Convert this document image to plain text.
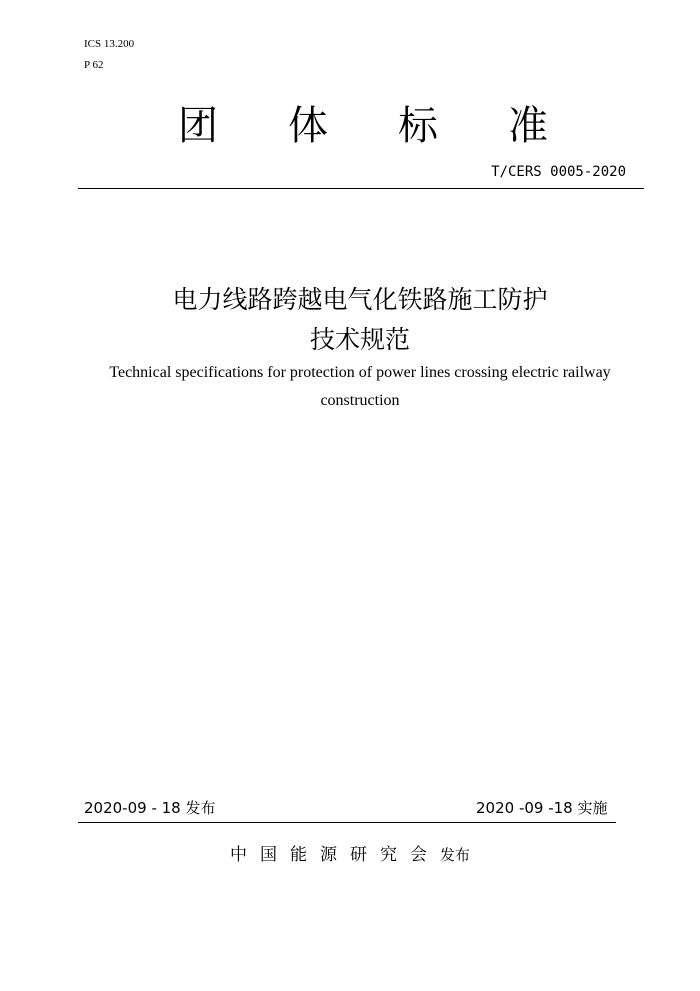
ICS 13.200
P 62
团 体 标 准
T/CERS 0005-2020
电力线路跨越电气化铁路施工防护
技术规范
Technical specifications for protection of power lines crossing electric railway
construction
2020-09 - 18 发布	2020 -09 -18 实施
中国能源研究会 发布
